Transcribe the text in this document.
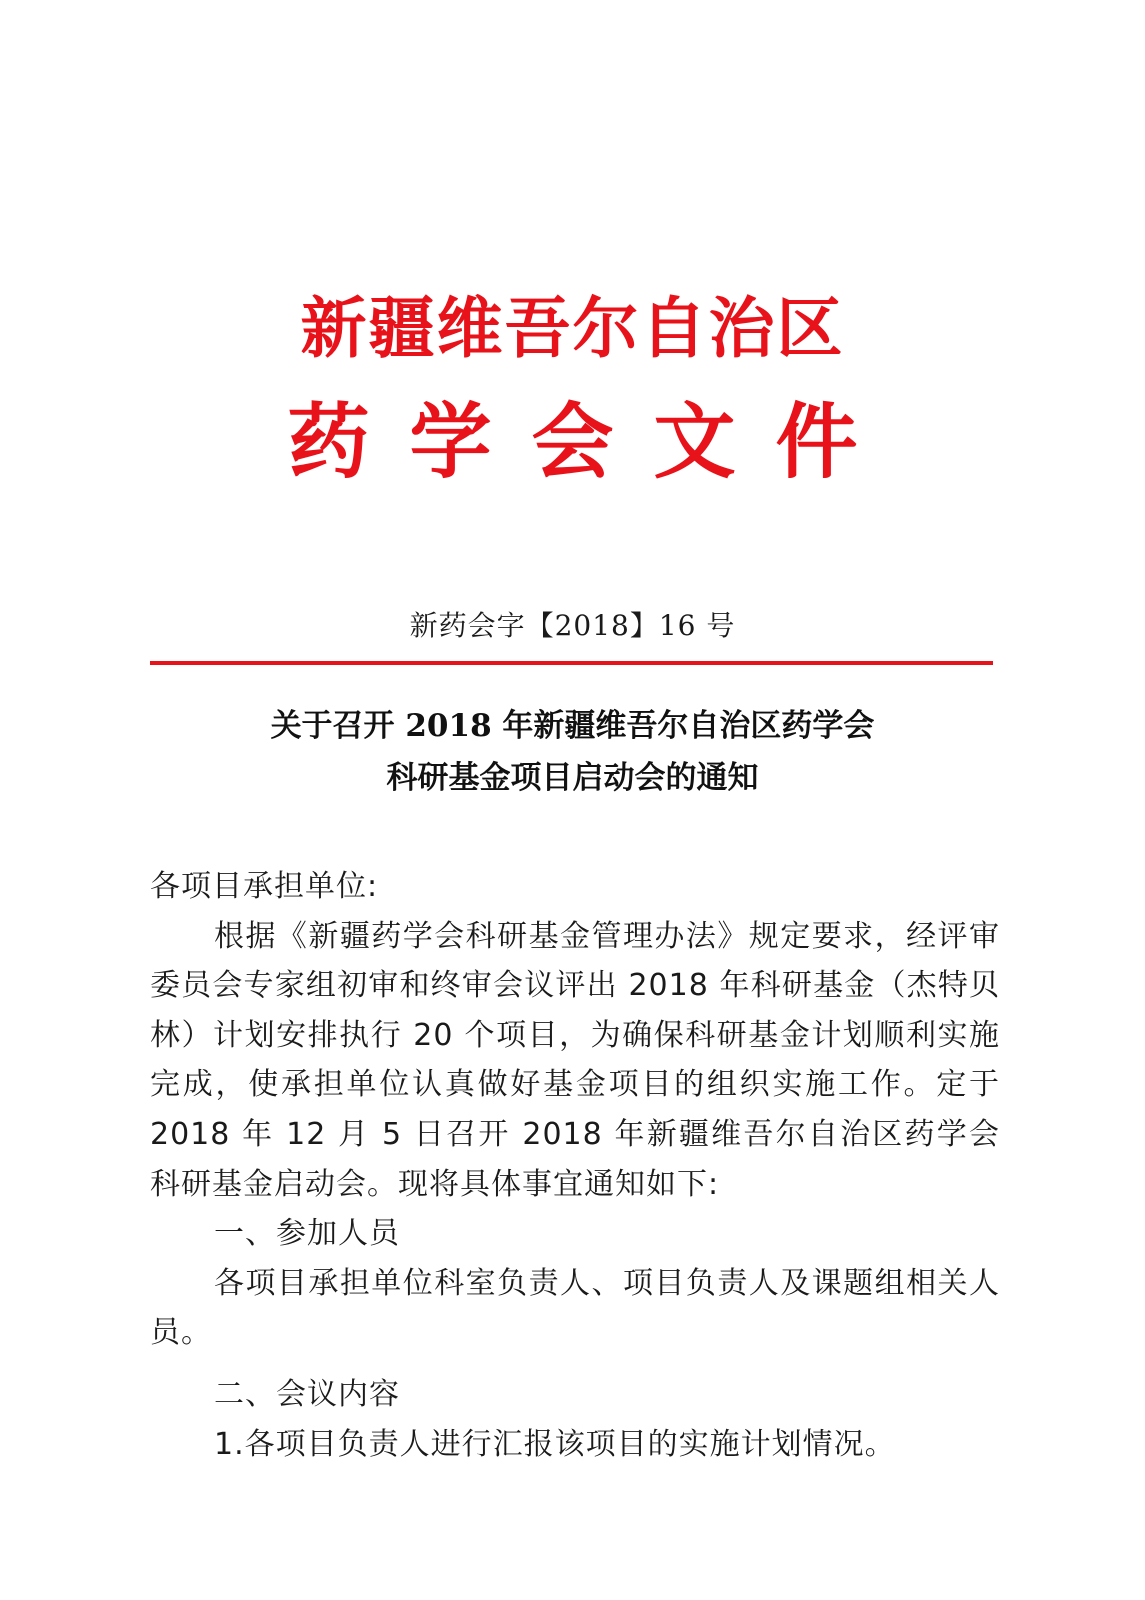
新疆维吾尔自治区
药学会文件
新药会字【2018】16 号
关于召开 2018 年新疆维吾尔自治区药学会
科研基金项目启动会的通知

各项目承担单位:

根据《新疆药学会科研基金管理办法》规定要求，经评审委员会专家组初审和终审会议评出 2018 年科研基金（杰特贝林）计划安排执行 20 个项目，为确保科研基金计划顺利实施完成，使承担单位认真做好基金项目的组织实施工作。定于 2018 年 12 月 5 日召开 2018 年新疆维吾尔自治区药学会科研基金启动会。现将具体事宜通知如下:

一、参加人员

各项目承担单位科室负责人、项目负责人及课题组相关人员。

二、会议内容

1.各项目负责人进行汇报该项目的实施计划情况。
